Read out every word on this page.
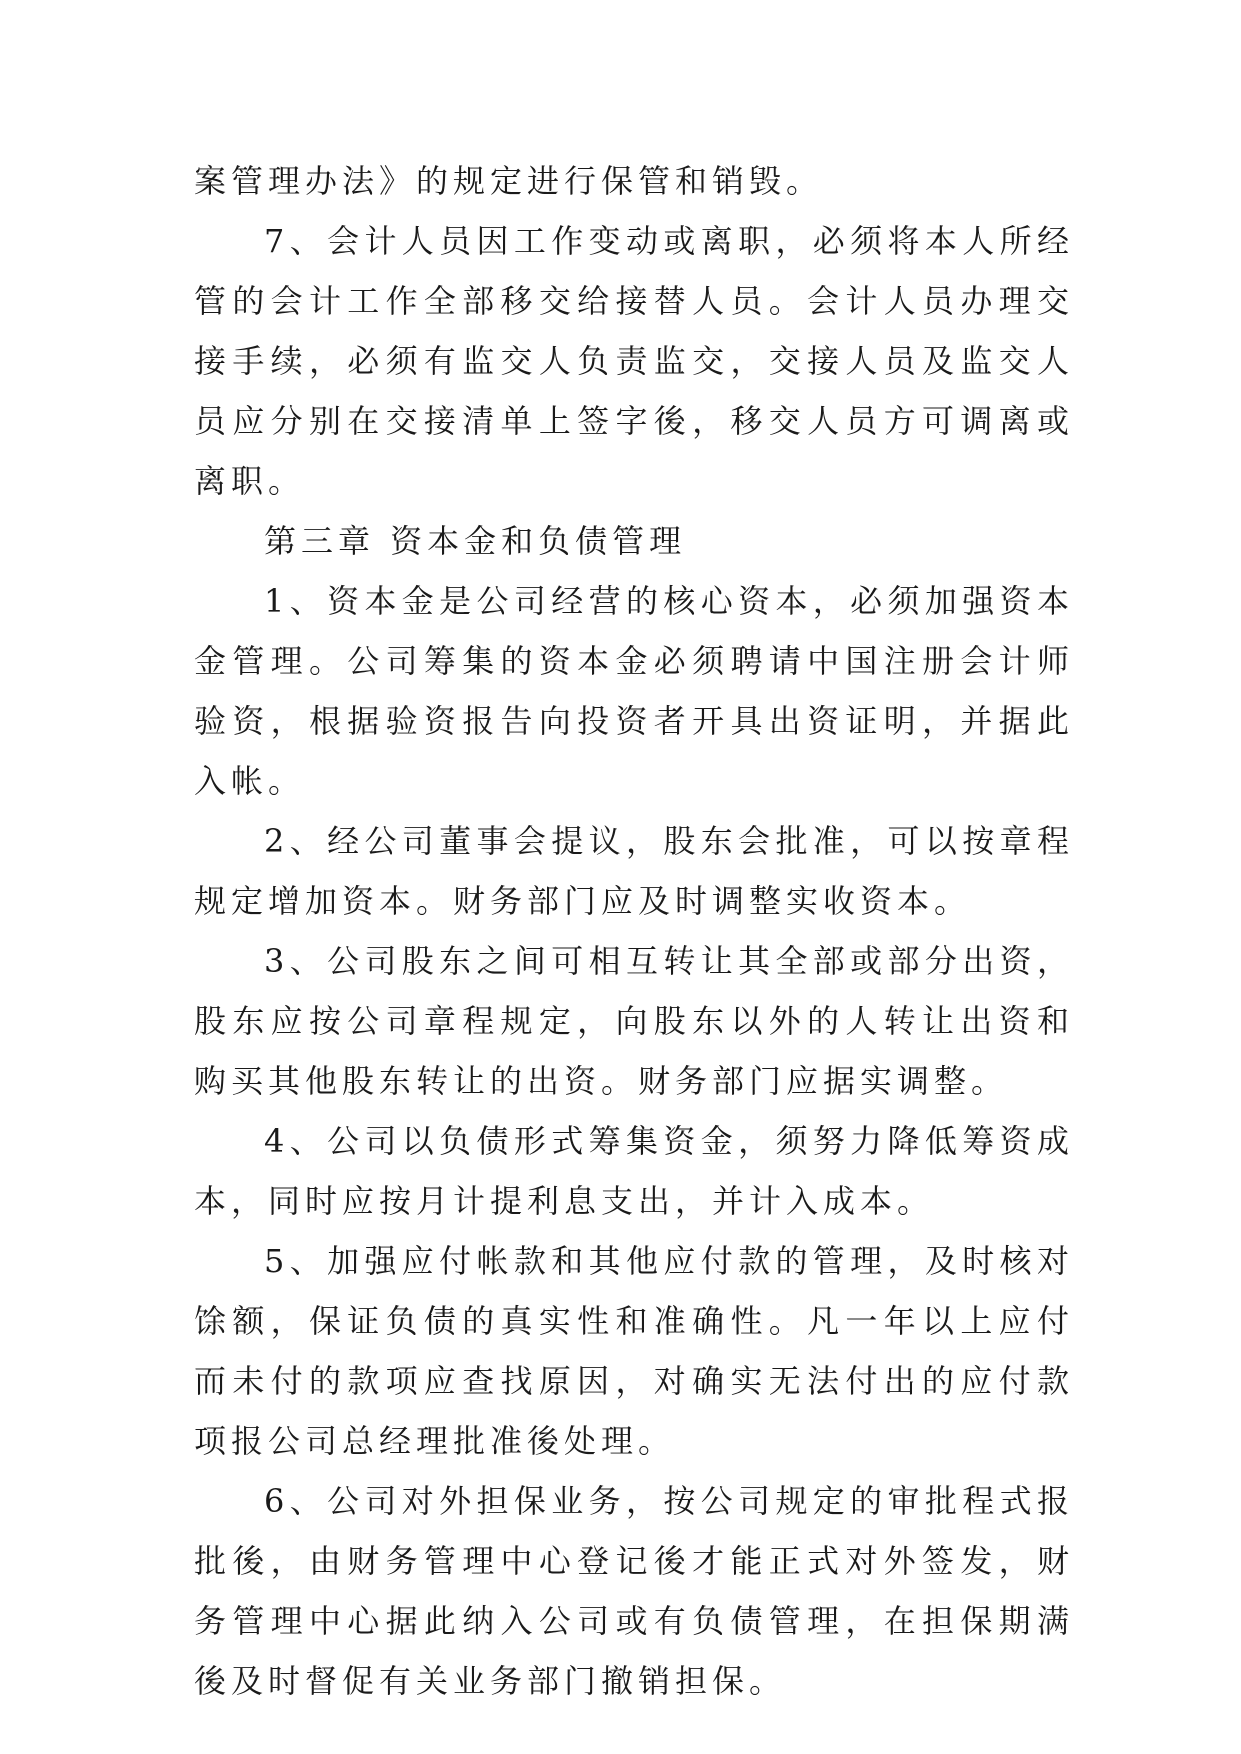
案管理办法》的规定进行保管和销毁。

7、会计人员因工作变动或离职，必须将本人所经管的会计工作全部移交给接替人员。会计人员办理交接手续，必须有监交人负责监交，交接人员及监交人员应分别在交接清单上签字後，移交人员方可调离或离职。

第三章 资本金和负债管理

1、资本金是公司经营的核心资本，必须加强资本金管理。公司筹集的资本金必须聘请中国注册会计师验资，根据验资报告向投资者开具出资证明，并据此入帐。

2、经公司董事会提议，股东会批准，可以按章程规定增加资本。财务部门应及时调整实收资本。

3、公司股东之间可相互转让其全部或部分出资，股东应按公司章程规定，向股东以外的人转让出资和购买其他股东转让的出资。财务部门应据实调整。

4、公司以负债形式筹集资金，须努力降低筹资成本，同时应按月计提利息支出，并计入成本。

5、加强应付帐款和其他应付款的管理，及时核对馀额，保证负债的真实性和准确性。凡一年以上应付而未付的款项应查找原因，对确实无法付出的应付款项报公司总经理批准後处理。

6、公司对外担保业务，按公司规定的审批程式报批後，由财务管理中心登记後才能正式对外签发，财务管理中心据此纳入公司或有负债管理，在担保期满後及时督促有关业务部门撤销担保。
